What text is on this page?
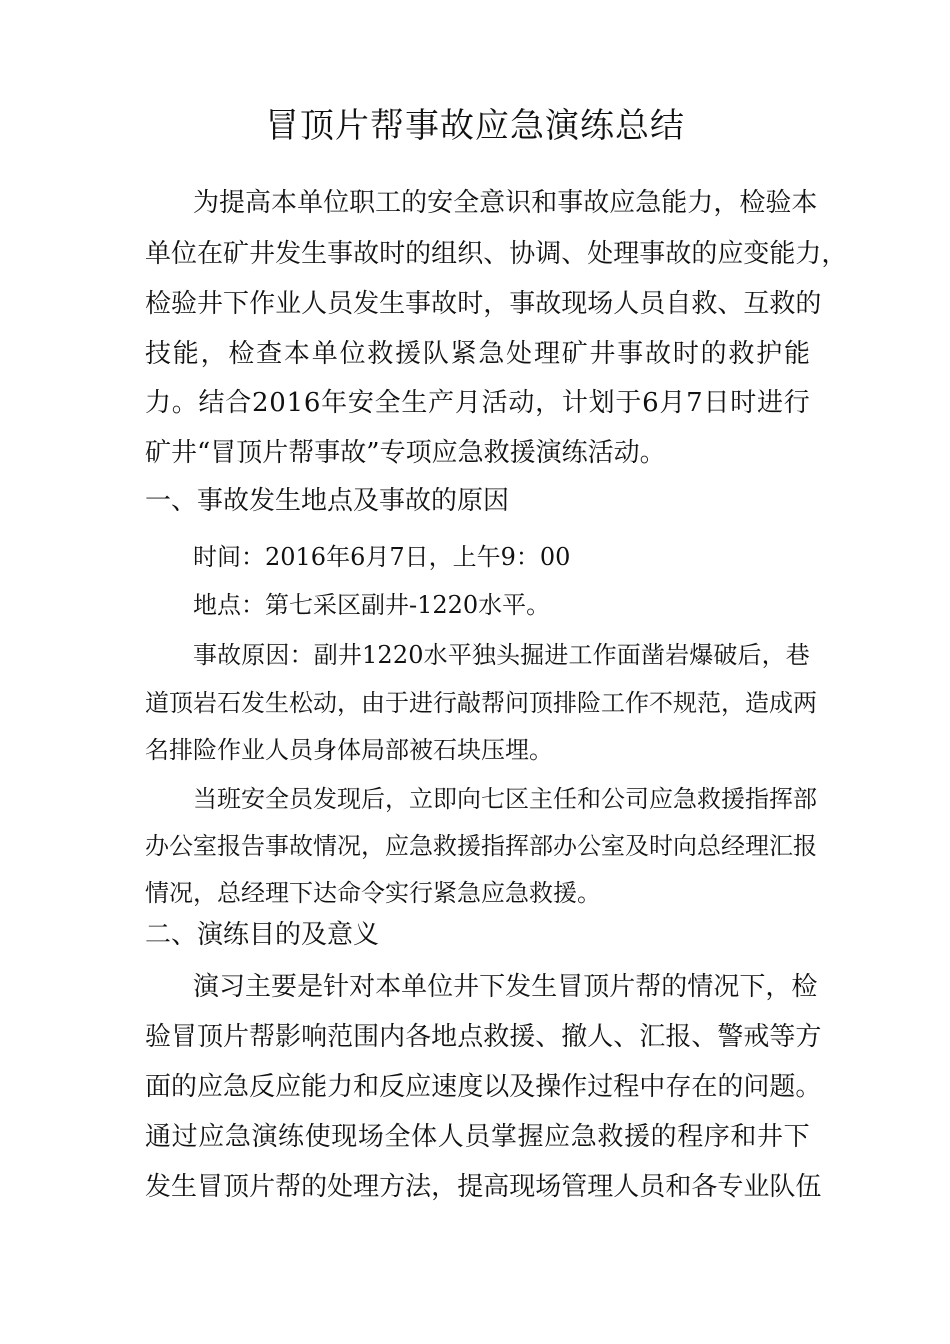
冒顶片帮事故应急演练总结
为 提 高 本 单 位 职 工 的 安 全 意 识 和 事 故 应 急 能 力 ， 检 验 本
单 位 在 矿 井 发 生 事 故 时 的 组 织 、 协 调 、 处 理 事 故 的 应 变 能 力 ，
检 验 井 下 作 业 人 员 发 生 事 故 时 ， 事 故 现 场 人 员 自 救 、 互 救 的
技 能 ， 检 查 本 单 位 救 援 队 紧 急 处 理 矿 井 事 故 时 的 救 护 能
力 。 结 合 2 0 1 6 年 安 全 生 产 月 活 动 ， 计 划 于 6 月 7 日 时 进 行
矿井“冒顶片帮事故”专项应急救援演练活动。
一、事故发生地点及事故的原因
时间：2016年6月7日，上午9：00
地点：第七采区副井-1220水平。
事 故 原 因 ： 副 井 1 2 2 0 水 平 独 头 掘 进 工 作 面 凿 岩 爆 破 后 ， 巷
道 顶 岩 石 发 生 松 动 ， 由 于 进 行 敲 帮 问 顶 排 险 工 作 不 规 范 ， 造 成 两
名排险作业人员身体局部被石块压埋。
当 班 安 全 员 发 现 后 ， 立 即 向 七 区 主 任 和 公 司 应 急 救 援 指 挥 部
办 公 室 报 告 事 故 情 况 ， 应 急 救 援 指 挥 部 办 公 室 及 时 向 总 经 理 汇 报
情况，总经理下达命令实行紧急应急救援。
二、演练目的及意义
演 习 主 要 是 针 对 本 单 位 井 下 发 生 冒 顶 片 帮 的 情 况 下 ， 检
验 冒 顶 片 帮 影 响 范 围 内 各 地 点 救 援 、 撤 人 、 汇 报 、 警 戒 等 方
面 的 应 急 反 应 能 力 和 反 应 速 度 以 及 操 作 过 程 中 存 在 的 问 题 。
通 过 应 急 演 练 使 现 场 全 体 人 员 掌 握 应 急 救 援 的 程 序 和 井 下
发 生 冒 顶 片 帮 的 处 理 方 法 ， 提 高 现 场 管 理 人 员 和 各 专 业 队 伍
